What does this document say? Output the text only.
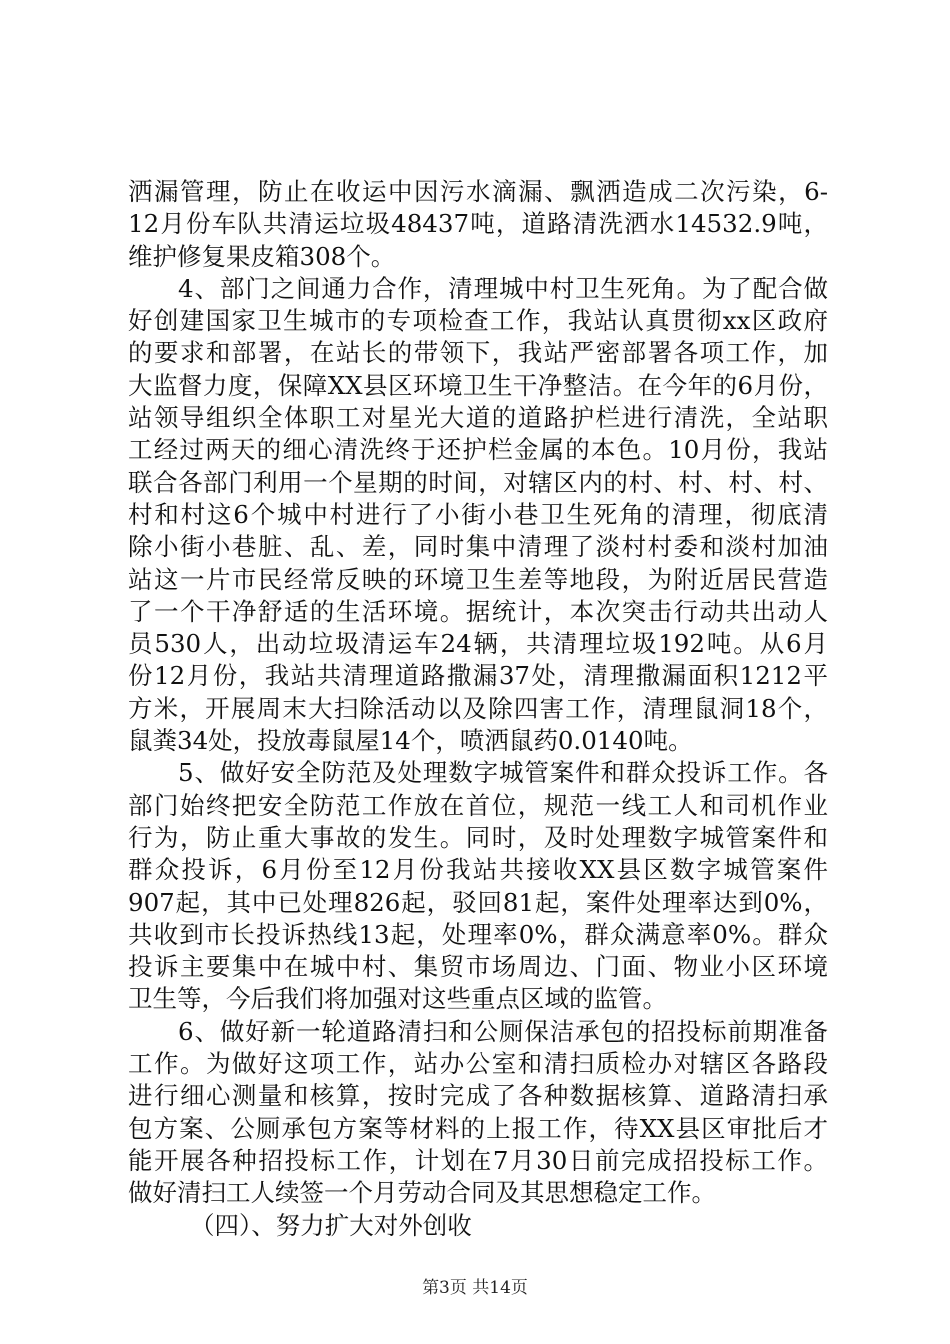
洒漏管理，防止在收运中因污水滴漏、飘洒造成二次污染，6-
12月份车队共清运垃圾48437吨，道路清洗洒水14532.9吨，
维护修复果皮箱308个。
4、部门之间通力合作，清理城中村卫生死角。为了配合做
好创建国家卫生城市的专项检查工作，我站认真贯彻xx区政府
的要求和部署，在站长的带领下，我站严密部署各项工作，加
大监督力度，保障XX县区环境卫生干净整洁。在今年的6月份，
站领导组织全体职工对星光大道的道路护栏进行清洗，全站职
工经过两天的细心清洗终于还护栏金属的本色。10月份，我站
联合各部门利用一个星期的时间，对辖区内的村、村、村、村、
村和村这6个城中村进行了小街小巷卫生死角的清理，彻底清
除小街小巷脏、乱、差，同时集中清理了淡村村委和淡村加油
站这一片市民经常反映的环境卫生差等地段，为附近居民营造
了一个干净舒适的生活环境。据统计，本次突击行动共出动人
员530人，出动垃圾清运车24辆，共清理垃圾192吨。从6月
份12月份，我站共清理道路撒漏37处，清理撒漏面积1212平
方米，开展周末大扫除活动以及除四害工作，清理鼠洞18个，
鼠粪34处，投放毒鼠屋14个，喷洒鼠药0.0140吨。
5、做好安全防范及处理数字城管案件和群众投诉工作。各
部门始终把安全防范工作放在首位，规范一线工人和司机作业
行为，防止重大事故的发生。同时，及时处理数字城管案件和
群众投诉，6月份至12月份我站共接收XX县区数字城管案件
907起，其中已处理826起，驳回81起，案件处理率达到0%，
共收到市长投诉热线13起，处理率0%，群众满意率0%。群众
投诉主要集中在城中村、集贸市场周边、门面、物业小区环境
卫生等，今后我们将加强对这些重点区域的监管。
6、做好新一轮道路清扫和公厕保洁承包的招投标前期准备
工作。为做好这项工作，站办公室和清扫质检办对辖区各路段
进行细心测量和核算，按时完成了各种数据核算、道路清扫承
包方案、公厕承包方案等材料的上报工作，待XX县区审批后才
能开展各种招投标工作，计划在7月30日前完成招投标工作。
做好清扫工人续签一个月劳动合同及其思想稳定工作。
（四）、努力扩大对外创收
第3页 共14页
